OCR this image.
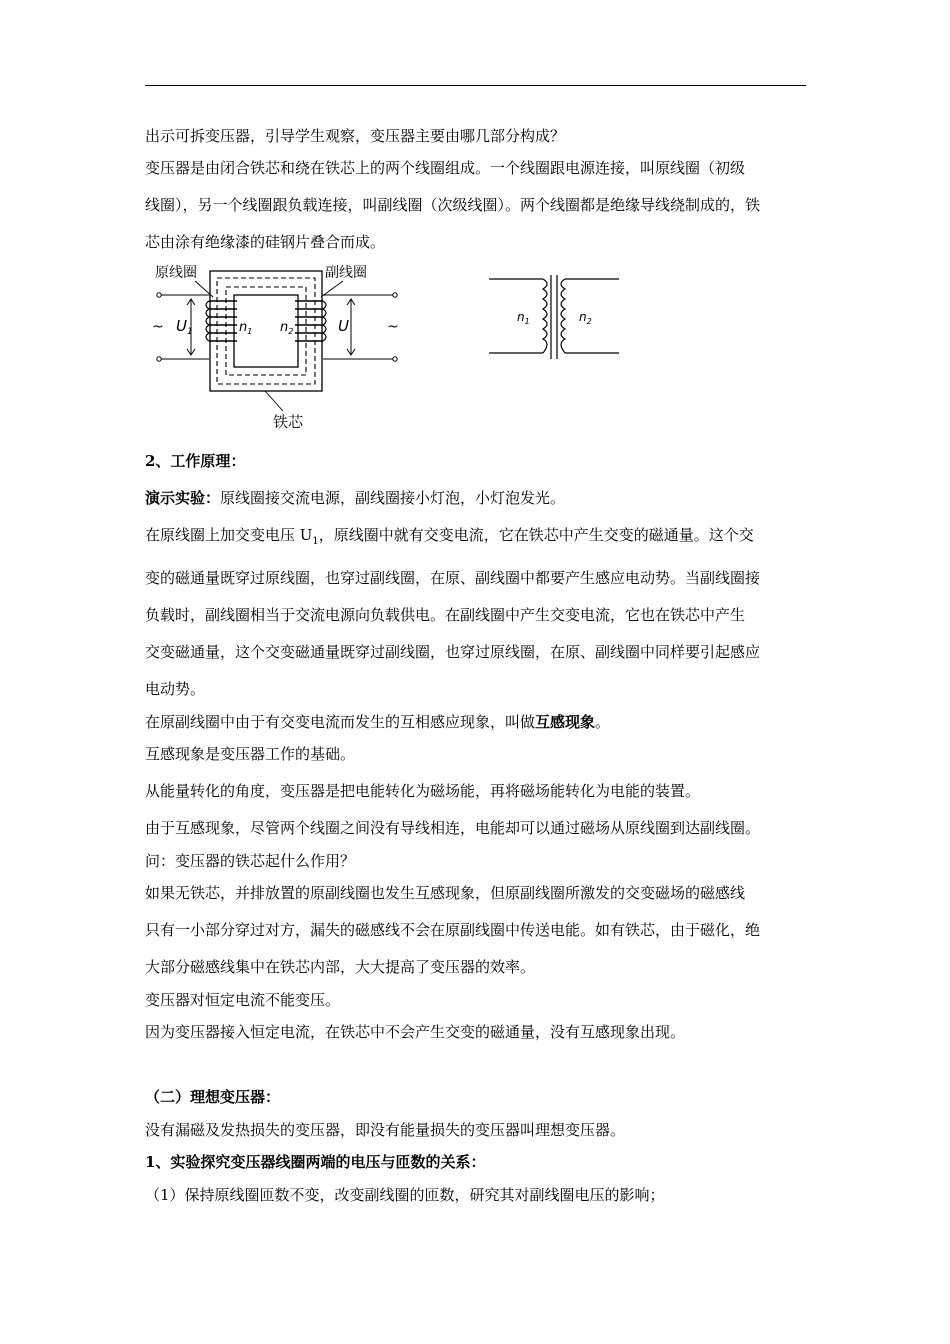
出示可拆变压器，引导学生观察，变压器主要由哪几部分构成？

变压器是由闭合铁芯和绕在铁芯上的两个线圈组成。一个线圈跟电源连接，叫原线圈（初级

线圈），另一个线圈跟负载连接，叫副线圈（次级线圈）。两个线圈都是绝缘导线绕制成的，铁

芯由涂有绝缘漆的硅钢片叠合而成。

原线圈	副线圈
~	~
$U_1$	U
$n_1$ $n_2$
铁芯
$n_1$	$n_2$

2、工作原理：

演示实验：原线圈接交流电源，副线圈接小灯泡，小灯泡发光。

在原线圈上加交变电压 $U_1$，原线圈中就有交变电流，它在铁芯中产生交变的磁通量。这个交

变的磁通量既穿过原线圈，也穿过副线圈，在原、副线圈中都要产生感应电动势。当副线圈接

负载时，副线圈相当于交流电源向负载供电。在副线圈中产生交变电流，它也在铁芯中产生

交变磁通量，这个交变磁通量既穿过副线圈，也穿过原线圈，在原、副线圈中同样要引起感应

电动势。

在原副线圈中由于有交变电流而发生的互相感应现象，叫做互感现象。

互感现象是变压器工作的基础。

从能量转化的角度，变压器是把电能转化为磁场能，再将磁场能转化为电能的装置。

由于互感现象，尽管两个线圈之间没有导线相连，电能却可以通过磁场从原线圈到达副线圈。

问：变压器的铁芯起什么作用？

如果无铁芯，并排放置的原副线圈也发生互感现象，但原副线圈所激发的交变磁场的磁感线

只有一小部分穿过对方，漏失的磁感线不会在原副线圈中传送电能。如有铁芯，由于磁化，绝

大部分磁感线集中在铁芯内部，大大提高了变压器的效率。

变压器对恒定电流不能变压。

因为变压器接入恒定电流，在铁芯中不会产生交变的磁通量，没有互感现象出现。

（二）理想变压器：

没有漏磁及发热损失的变压器，即没有能量损失的变压器叫理想变压器。

1、实验探究变压器线圈两端的电压与匝数的关系：

（1）保持原线圈匝数不变，改变副线圈的匝数，研究其对副线圈电压的影响；
